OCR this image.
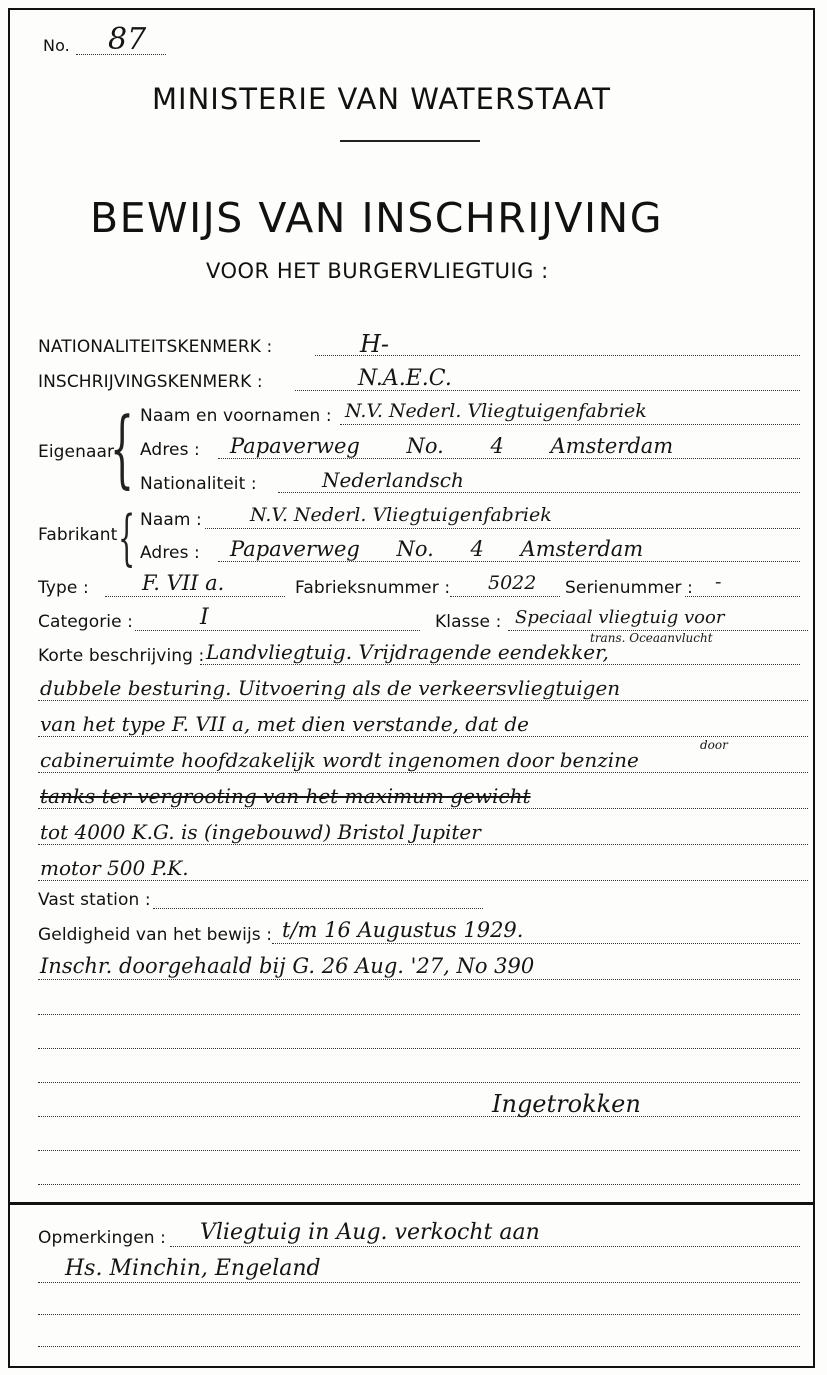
No. 87
MINISTERIE VAN WATERSTAAT
BEWIJS VAN INSCHRIJVING
VOOR HET BURGERVLIEGTUIG :
NATIONALITEITSKENMERK :	H-
INSCHRIJVINGSKENMERK :	N.A.E.C.
Eigenaar
{ Naam en voornamen : N.V. Nederl. Vliegtuigenfabriek
Adres : Papaverweg No. 4 Amsterdam
Nationaliteit :	Nederlandsch
Fabrikant { Naam :	N.V. Nederl. Vliegtuigenfabriek
Adres : Papaverweg No. 4 Amsterdam
Type :	F. VII a.	Fabrieksnummer : 5022 Serienummer : -
Categorie :	I	Klasse : Speciaal vliegtuig voor
trans. Oceaanvlucht
Korte beschrijving : Landvliegtuig. Vrijdragende eendekker,
dubbele besturing. Uitvoering als de verkeersvliegtuigen
van het type F. VII a, met dien verstande, dat de
door
cabineruimte hoofdzakelijk wordt ingenomen door benzine
tanks ter vergrooting van het maximum gewicht
tot 4000 K.G. is (ingebouwd) Bristol Jupiter
motor 500 P.K.
Vast station :
Geldigheid van het bewijs : t/m 16 Augustus 1929.
Inschr. doorgehaald bij G. 26 Aug. '27, No 390
Ingetrokken
Opmerkingen : Vliegtuig in Aug. verkocht aan
Hs. Minchin, Engeland
